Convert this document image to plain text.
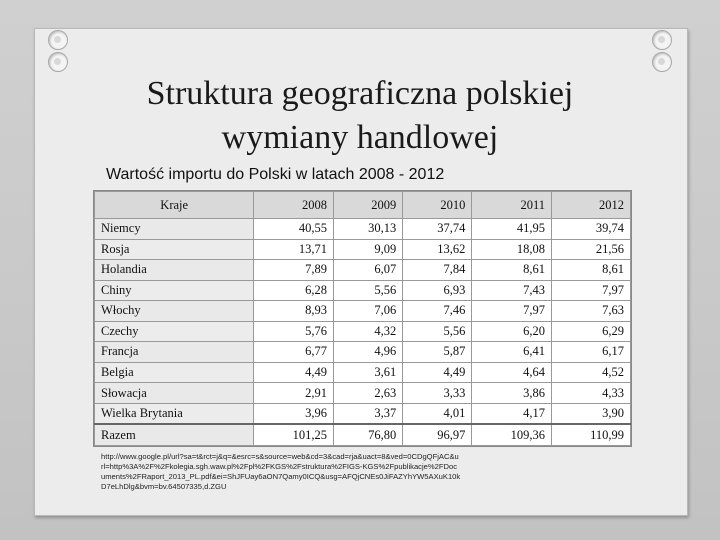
Struktura geograficzna polskiej
wymiany handlowej
Wartość importu do Polski w latach 2008 - 2012
Kraje	2008	2009	2010	2011	2012
Niemcy	40,55	30,13	37,74	41,95	39,74
Rosja	13,71	9,09	13,62	18,08	21,56
Holandia	7,89	6,07	7,84	8,61	8,61
Chiny	6,28	5,56	6,93	7,43	7,97
Włochy	8,93	7,06	7,46	7,97	7,63
Czechy	5,76	4,32	5,56	6,20	6,29
Francja	6,77	4,96	5,87	6,41	6,17
Belgia	4,49	3,61	4,49	4,64	4,52
Słowacja	2,91	2,63	3,33	3,86	4,33
Wielka Brytania	3,96	3,37	4,01	4,17	3,90
Razem	101,25	76,80	96,97	109,36	110,99
http://www.google.pl/url?sa=t&rct=j&q=&esrc=s&source=web&cd=3&cad=rja&uact=8&ved=0CDgQFjAC&url=http%3A%2F%2Fkolegia.sgh.waw.pl%2Fpl%2FKGS%2Fstruktura%2FIGS-KGS%2Fpublikacje%2FDocuments%2FRaport_2013_PL.pdf&ei=ShJFUay6aON7Qamy0ICQ&usg=AFQjCNEs0JiFAZYhYW5AXuK10kD7eLhDlg&bvm=bv.64507335,d.ZGU
